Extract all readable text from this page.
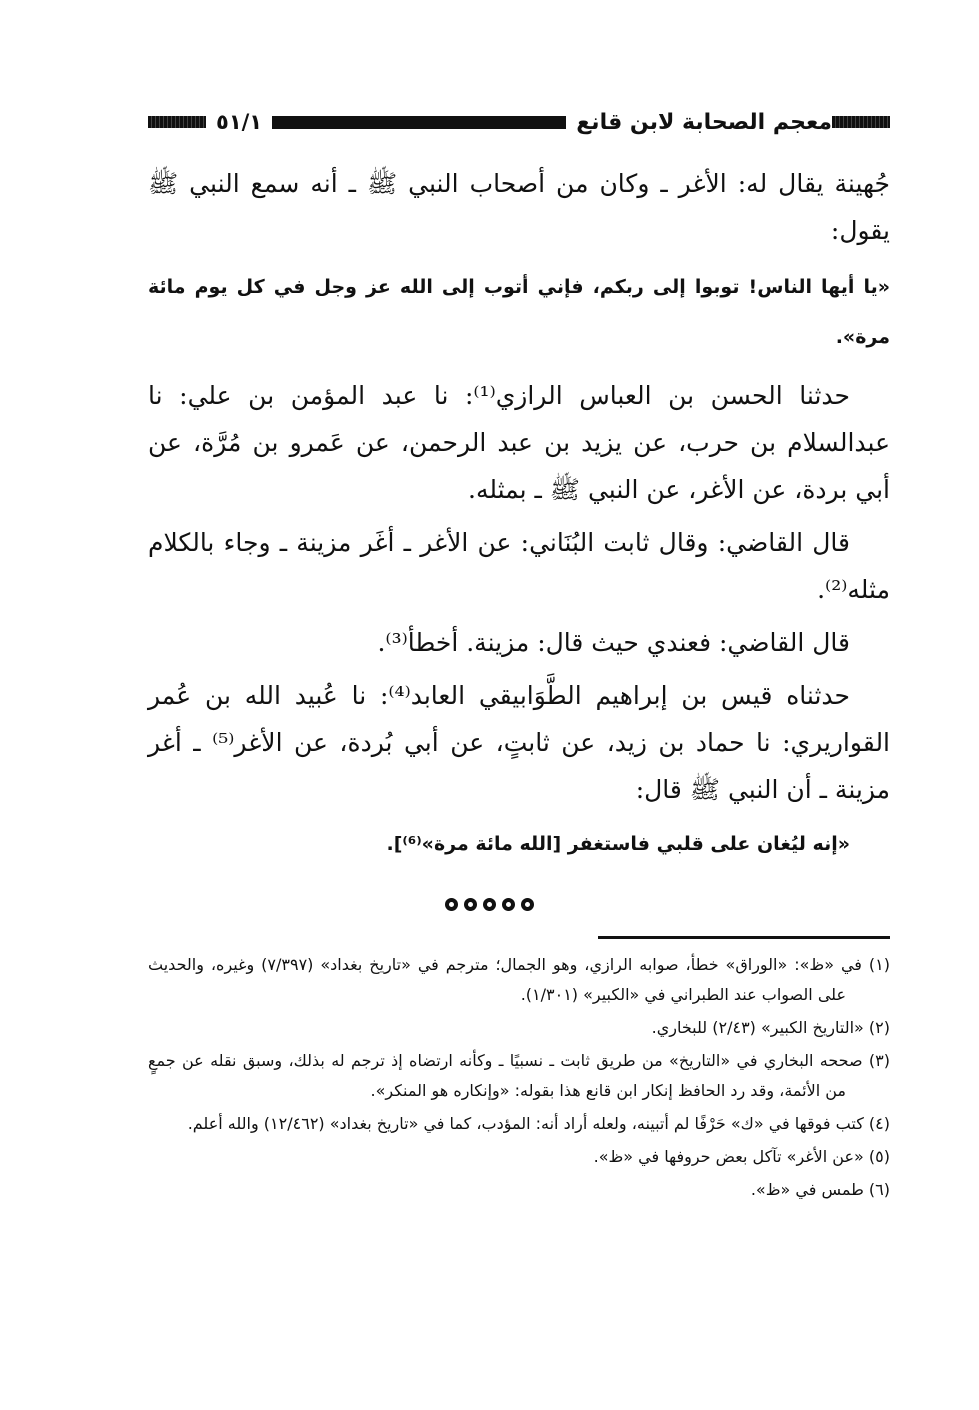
معجم الصحابة لابن قانع
٥١/١

جُهينة يقال له: الأغر ـ وكان من أصحاب النبي ﷺ ـ أنه سمع النبي ﷺ يقول:

«يا أيها الناس! توبوا إلى ربكم، فإني أتوب إلى الله عز وجل في كل يوم مائة مرة».

حدثنا الحسن بن العباس الرازي⁽¹⁾: نا عبد المؤمن بن علي: نا عبدالسلام بن حرب، عن يزيد بن عبد الرحمن، عن عَمرو بن مُرَّة، عن أبي بردة، عن الأغر، عن النبي ﷺ ـ بمثله.

قال القاضي: وقال ثابت البُنَاني: عن الأغر ـ أغَر مزينة ـ وجاء بالكلام مثله⁽²⁾.

قال القاضي: فعندي حيث قال: مزينة. أخطأ⁽³⁾.

حدثناه قيس بن إبراهيم الطَّوَابيقي العابد⁽⁴⁾: نا عُبيد الله بن عُمر القواريري: نا حماد بن زيد، عن ثابتٍ، عن أبي بُردة، عن الأغر⁽⁵⁾ ـ أغر مزينة ـ أن النبي ﷺ قال:

«إنه ليُغان على قلبي فاستغفر [الله مائة مرة»⁽⁶⁾].

(١) في «ظ»: «الوراق» خطأ، صوابه الرازي، وهو الجمال؛ مترجم في «تاريخ بغداد» (٧/٣٩٧) وغيره، والحديث على الصواب عند الطبراني في «الكبير» (١/٣٠١).

(٢) «التاريخ الكبير» (٢/٤٣) للبخاري.

(٣) صححه البخاري في «التاريخ» من طريق ثابت ـ نسبيًا ـ وكأنه ارتضاه إذ ترجم له بذلك، وسبق نقله عن جمعٍ من الأئمة، وقد رد الحافظ إنكار ابن قانع هذا بقوله: «وإنكاره هو المنكر».

(٤) كتب فوقها في «ك» حَرْفًا لم أتبينه، ولعله أراد أنه: المؤدب، كما في «تاريخ بغداد» (١٢/٤٦٢) والله أعلم.

(٥) «عن الأغر» تآكل بعض حروفها في «ظ».

(٦) طمس في «ظ».
